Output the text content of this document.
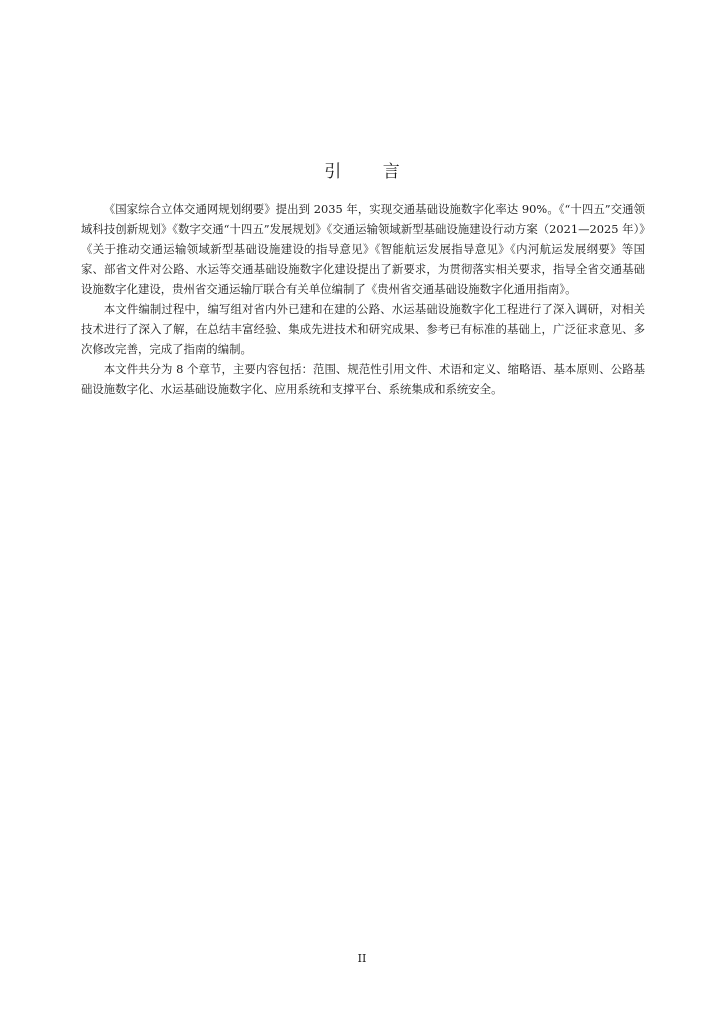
引 言

《国家综合立体交通网规划纲要》提出到 2035 年，实现交通基础设施数字化率达 90%。《“十四五”交通领域科技创新规划》《数字交通“十四五”发展规划》《交通运输领域新型基础设施建设行动方案（2021—2025 年）》《关于推动交通运输领域新型基础设施建设的指导意见》《智能航运发展指导意见》《内河航运发展纲要》等国家、部省文件对公路、水运等交通基础设施数字化建设提出了新要求，为贯彻落实相关要求，指导全省交通基础设施数字化建设，贵州省交通运输厅联合有关单位编制了《贵州省交通基础设施数字化通用指南》。

本文件编制过程中，编写组对省内外已建和在建的公路、水运基础设施数字化工程进行了深入调研，对相关技术进行了深入了解，在总结丰富经验、集成先进技术和研究成果、参考已有标准的基础上，广泛征求意见、多次修改完善，完成了指南的编制。

本文件共分为 8 个章节，主要内容包括：范围、规范性引用文件、术语和定义、缩略语、基本原则、公路基础设施数字化、水运基础设施数字化、应用系统和支撑平台、系统集成和系统安全。

II
